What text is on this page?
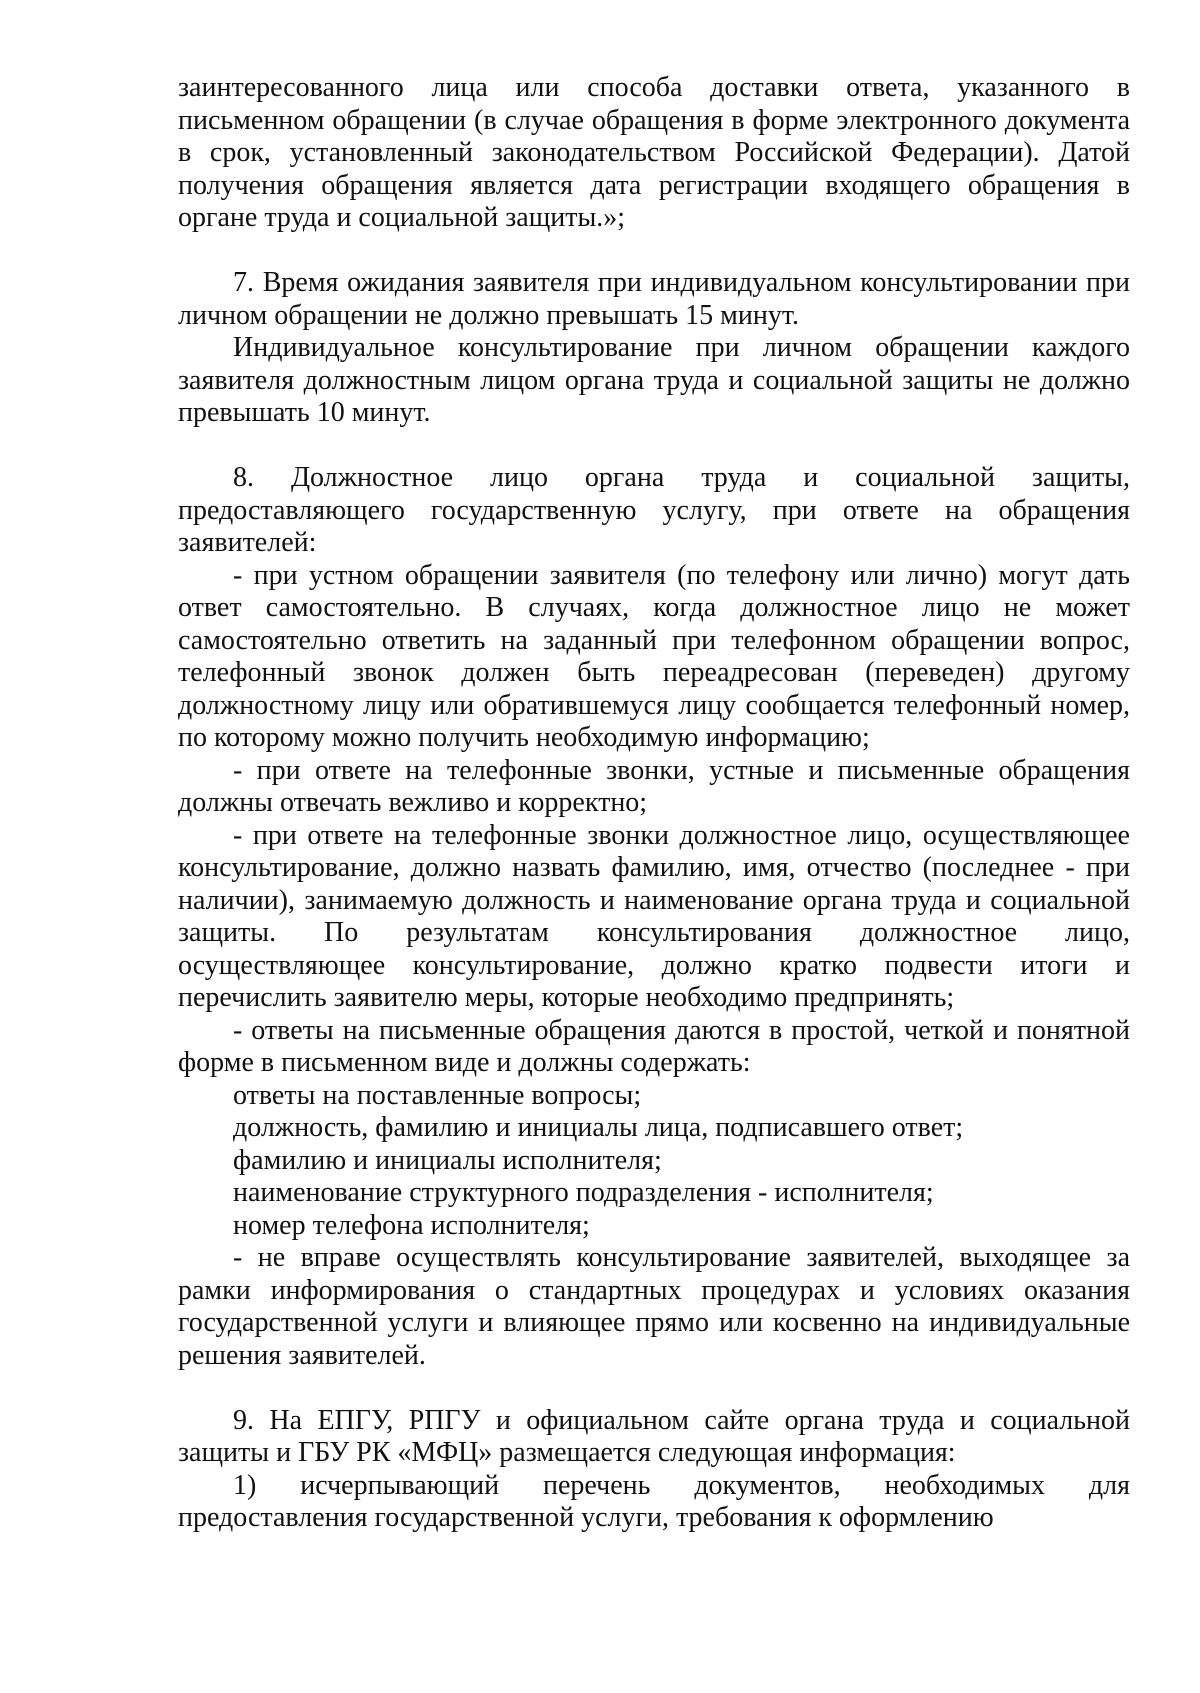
заинтересованного лица или способа доставки ответа, указанного в письменном обращении (в случае обращения в форме электронного документа в срок, установленный законодательством Российской Федерации). Датой получения обращения является дата регистрации входящего обращения в органе труда и социальной защиты.»;

7. Время ожидания заявителя при индивидуальном консультировании при личном обращении не должно превышать 15 минут.

Индивидуальное консультирование при личном обращении каждого заявителя должностным лицом органа труда и социальной защиты не должно превышать 10 минут.

8. Должностное лицо органа труда и социальной защиты, предоставляющего государственную услугу, при ответе на обращения заявителей:

- при устном обращении заявителя (по телефону или лично) могут дать ответ самостоятельно. В случаях, когда должностное лицо не может самостоятельно ответить на заданный при телефонном обращении вопрос, телефонный звонок должен быть переадресован (переведен) другому должностному лицу или обратившемуся лицу сообщается телефонный номер, по которому можно получить необходимую информацию;

- при ответе на телефонные звонки, устные и письменные обращения должны отвечать вежливо и корректно;

- при ответе на телефонные звонки должностное лицо, осуществляющее консультирование, должно назвать фамилию, имя, отчество (последнее - при наличии), занимаемую должность и наименование органа труда и социальной защиты. По результатам консультирования должностное лицо, осуществляющее консультирование, должно кратко подвести итоги и перечислить заявителю меры, которые необходимо предпринять;

- ответы на письменные обращения даются в простой, четкой и понятной форме в письменном виде и должны содержать:

ответы на поставленные вопросы;

должность, фамилию и инициалы лица, подписавшего ответ;

фамилию и инициалы исполнителя;

наименование структурного подразделения - исполнителя;

номер телефона исполнителя;

- не вправе осуществлять консультирование заявителей, выходящее за рамки информирования о стандартных процедурах и условиях оказания государственной услуги и влияющее прямо или косвенно на индивидуальные решения заявителей.

9. На ЕПГУ, РПГУ и официальном сайте органа труда и социальной защиты и ГБУ РК «МФЦ» размещается следующая информация:

1) исчерпывающий перечень документов, необходимых для предоставления государственной услуги, требования к оформлению
